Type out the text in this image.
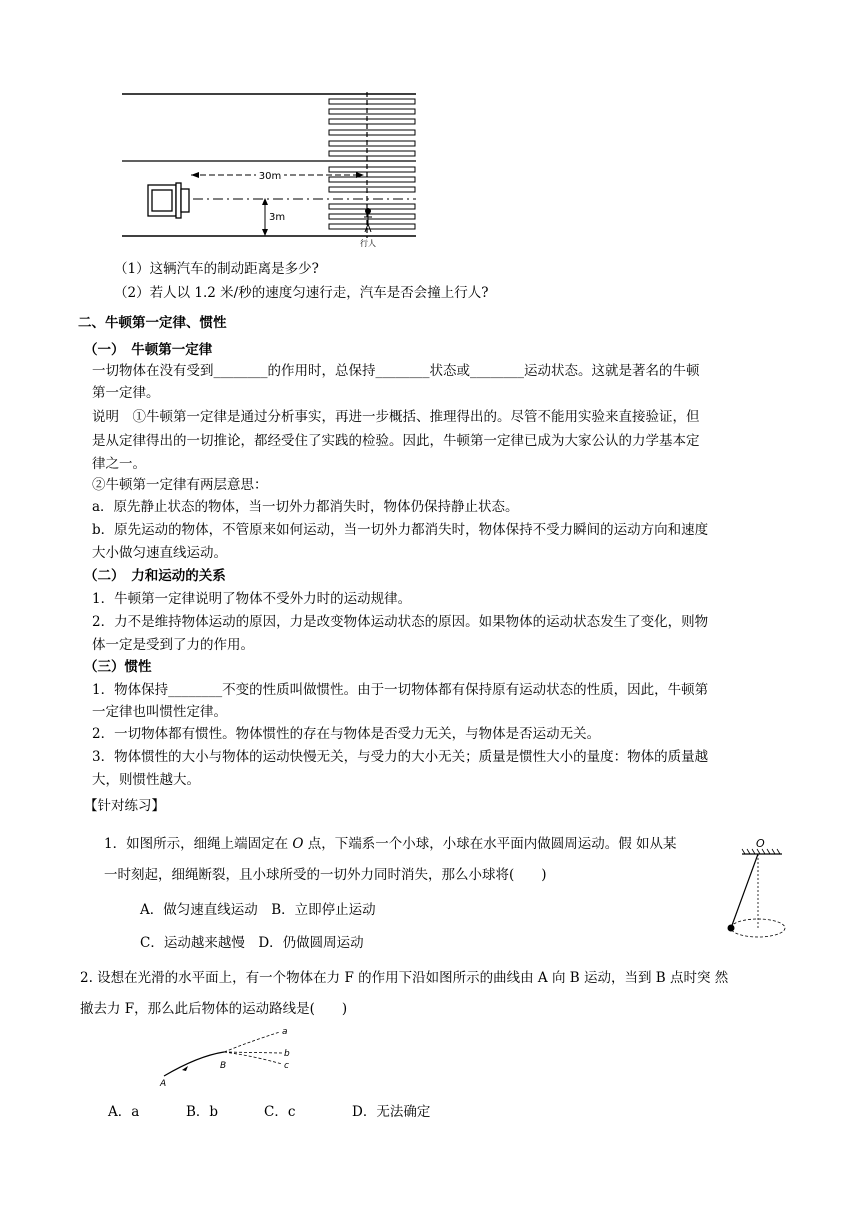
30m
3m
行人
（1）这辆汽车的制动距离是多少?
（2）若人以 1.2 米/秒的速度匀速行走，汽车是否会撞上行人?
二、牛顿第一定律、惯性
（一）　牛顿第一定律
一切物体在没有受到________的作用时，总保持________状态或________运动状态。这就是著名的牛顿
第一定律。
说明　①牛顿第一定律是通过分析事实，再进一步概括、推理得出的。尽管不能用实验来直接验证，但
是从定律得出的一切推论，都经受住了实践的检验。因此，牛顿第一定律已成为大家公认的力学基本定
律之一。
②牛顿第一定律有两层意思：
a．原先静止状态的物体，当一切外力都消失时，物体仍保持静止状态。
b．原先运动的物体，不管原来如何运动，当一切外力都消失时，物体保持不受力瞬间的运动方向和速度
大小做匀速直线运动。
（二）　力和运动的关系
1．牛顿第一定律说明了物体不受外力时的运动规律。
2．力不是维持物体运动的原因，力是改变物体运动状态的原因。如果物体的运动状态发生了变化，则物
体一定是受到了力的作用。
（三）惯性
1．物体保持________不变的性质叫做惯性。由于一切物体都有保持原有运动状态的性质，因此，牛顿第
一定律也叫惯性定律。
2．一切物体都有惯性。物体惯性的存在与物体是否受力无关，与物体是否运动无关。
3．物体惯性的大小与物体的运动快慢无关，与受力的大小无关；质量是惯性大小的量度：物体的质量越
大，则惯性越大。
【针对练习】
1．如图所示，细绳上端固定在 O 点，下端系一个小球，小球在水平面内做圆周运动。假 如从某
一时刻起，细绳断裂，且小球所受的一切外力同时消失，那么小球将(　　)
A．做匀速直线运动　B．立即停止运动
C．运动越来越慢　D．仍做圆周运动
O
2. 设想在光滑的水平面上，有一个物体在力 F 的作用下沿如图所示的曲线由 A 向 B 运动，当到 B 点时突 然
撤去力 F，那么此后物体的运动路线是(　　)
A
B
a
b
c
A．a	B．b	C．c	D．无法确定
